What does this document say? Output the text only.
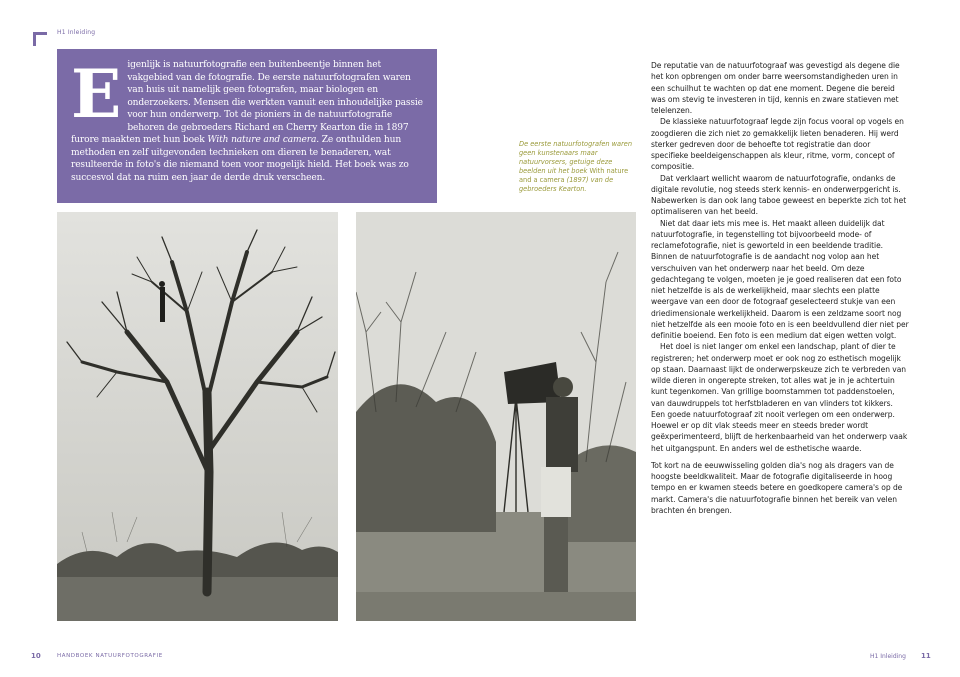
H1 Inleiding
E igenlijk is natuurfotografie een buitenbeentje binnen het vakgebied van de fotografie. De eerste natuurfotografen waren van huis uit namelijk geen fotografen, maar biologen en onderzoekers. Mensen die werkten vanuit een inhoudelijke passie voor hun onderwerp. Tot de pioniers in de natuurfotografie behoren de gebroeders Richard en Cherry Kearton die in 1897 furore maakten met hun boek With nature and camera. Ze onthulden hun methoden en zelf uitgevonden technieken om dieren te benaderen, wat resulteerde in foto's die niemand toen voor mogelijk hield. Het boek was zo succesvol dat na ruim een jaar de derde druk verscheen.
De eerste natuurfotografen waren geen kunstenaars maar natuurvorsers, getuige deze beelden uit het boek With nature and a camera (1897) van de gebroeders Kearton.

De reputatie van de natuurfotograaf was gevestigd als degene die het kon opbrengen om onder barre weersomstandigheden uren in een schuilhut te wachten op dat ene moment. Degene die bereid was om stevig te investeren in tijd, kennis en zware statieven met telelenzen.

De klassieke natuurfotograaf legde zijn focus vooral op vogels en zoogdieren die zich niet zo gemakkelijk lieten benaderen. Hij werd sterker gedreven door de behoefte tot registratie dan door specifieke beeldeigenschappen als kleur, ritme, vorm, concept of compositie.

Dat verklaart wellicht waarom de natuurfotografie, ondanks de digitale revolutie, nog steeds sterk kennis- en onderwerpgericht is. Nabewerken is dan ook lang taboe geweest en beperkte zich tot het optimaliseren van het beeld.

Niet dat daar iets mis mee is. Het maakt alleen duidelijk dat natuurfotografie, in tegenstelling tot bijvoorbeeld mode- of reclamefotografie, niet is geworteld in een beeldende traditie. Binnen de natuurfotografie is de aandacht nog volop aan het verschuiven van het onderwerp naar het beeld. Om deze gedachtegang te volgen, moeten je je goed realiseren dat een foto niet hetzelfde is als de werkelijkheid, maar slechts een platte weergave van een door de fotograaf geselecteerd stukje van een driedimensionale werkelijkheid. Daarom is een zeldzame soort nog niet hetzelfde als een mooie foto en is een beeldvullend dier niet per definitie boeiend. Een foto is een medium dat eigen wetten volgt.

Het doel is niet langer om enkel een landschap, plant of dier te registreren; het onderwerp moet er ook nog zo esthetisch mogelijk op staan. Daarnaast lijkt de onderwerpskeuze zich te verbreden van wilde dieren in ongerepte streken, tot alles wat je in je achtertuin kunt tegenkomen. Van grillige boomstammen tot paddenstoelen, van dauwdruppels tot herfstbladeren en van vlinders tot kikkers. Een goede natuurfotograaf zit nooit verlegen om een onderwerp. Hoewel er op dit vlak steeds meer en steeds breder wordt geëxperimenteerd, blijft de herkenbaarheid van het onderwerp vaak het uitgangspunt. En anders wel de esthetische waarde.

Tot kort na de eeuwwisseling golden dia's nog als dragers van de hoogste beeldkwaliteit. Maar de fotografie digitaliseerde in hoog tempo en er kwamen steeds betere en goedkopere camera's op de markt. Camera's die natuurfotografie binnen het bereik van velen brachten én brengen.

10	HANDBOEK NATUURFOTOGRAFIE	H1 Inleiding 11
